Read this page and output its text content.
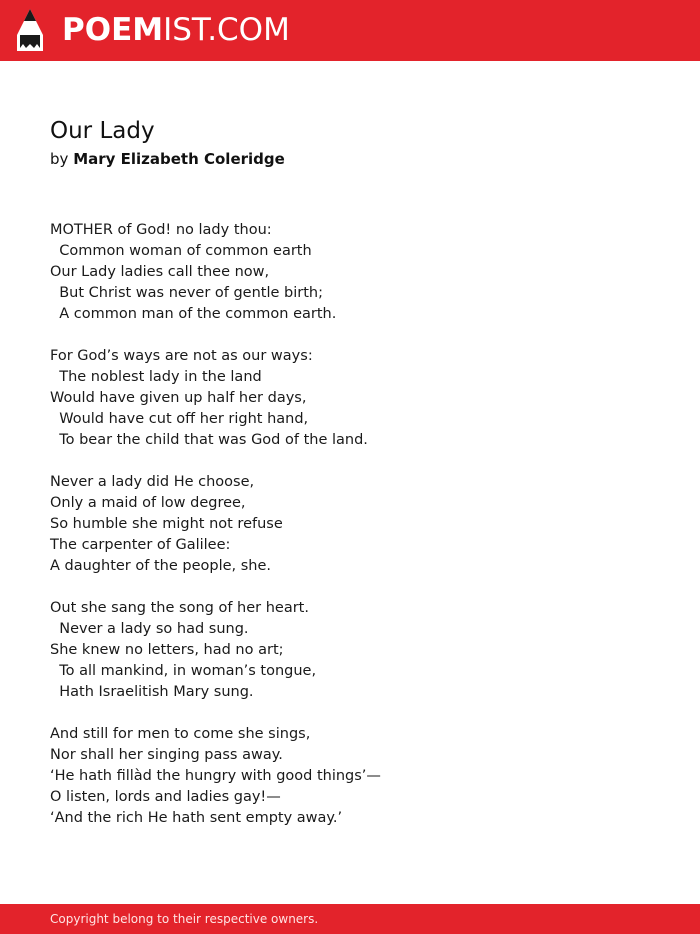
POEMIST.COM
Our Lady
by Mary Elizabeth Coleridge
MOTHER of God! no lady thou:
Common woman of common earth
Our Lady ladies call thee now,
But Christ was never of gentle birth;
A common man of the common earth.
For God’s ways are not as our ways:
The noblest lady in the land
Would have given up half her days,
Would have cut off her right hand,
To bear the child that was God of the land.
Never a lady did He choose,
Only a maid of low degree,
So humble she might not refuse
The carpenter of Galilee:
A daughter of the people, she.
Out she sang the song of her heart.
Never a lady so had sung.
She knew no letters, had no art;
To all mankind, in woman’s tongue,
Hath Israelitish Mary sung.
And still for men to come she sings,
Nor shall her singing pass away.
‘He hath fillàd the hungry with good things’—
O listen, lords and ladies gay!—
‘And the rich He hath sent empty away.’
Copyright belong to their respective owners.
